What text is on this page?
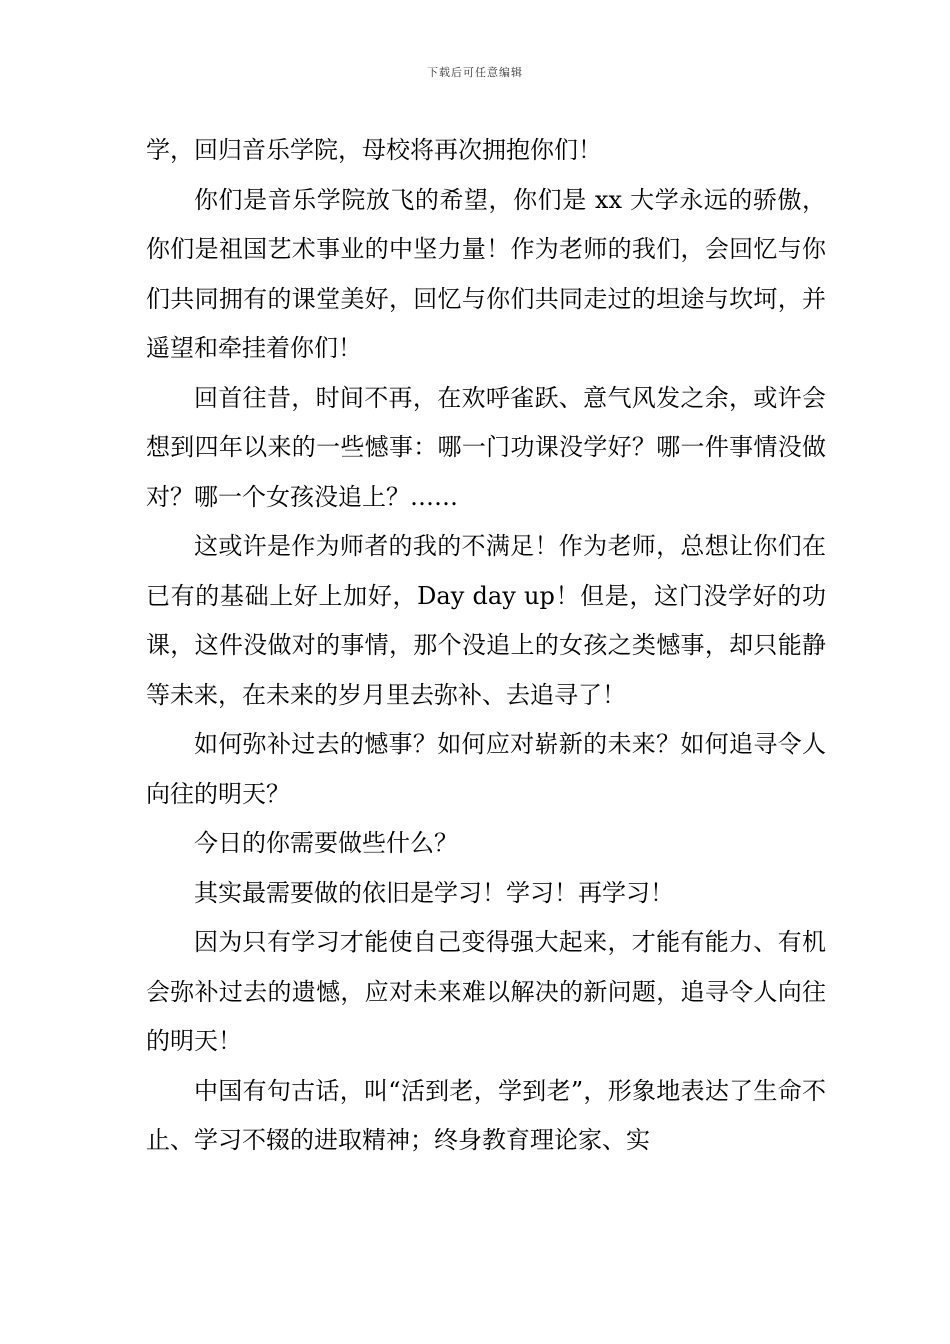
下载后可任意编辑

学，回归音乐学院，母校将再次拥抱你们！

你们是音乐学院放飞的希望，你们是 xx 大学永远的骄傲，你们是祖国艺术事业的中坚力量！作为老师的我们，会回忆与你们共同拥有的课堂美好，回忆与你们共同走过的坦途与坎坷，并遥望和牵挂着你们！

回首往昔，时间不再，在欢呼雀跃、意气风发之余，或许会想到四年以来的一些憾事：哪一门功课没学好？哪一件事情没做对？哪一个女孩没追上？……

这或许是作为师者的我的不满足！作为老师，总想让你们在已有的基础上好上加好，Day day up！但是，这门没学好的功课，这件没做对的事情，那个没追上的女孩之类憾事，却只能静等未来，在未来的岁月里去弥补、去追寻了！

如何弥补过去的憾事？如何应对崭新的未来？如何追寻令人向往的明天？

今日的你需要做些什么？

其实最需要做的依旧是学习！学习！再学习！

因为只有学习才能使自己变得强大起来，才能有能力、有机会弥补过去的遗憾，应对未来难以解决的新问题，追寻令人向往的明天！

中国有句古话，叫“活到老，学到老”，形象地表达了生命不止、学习不辍的进取精神；终身教育理论家、实
